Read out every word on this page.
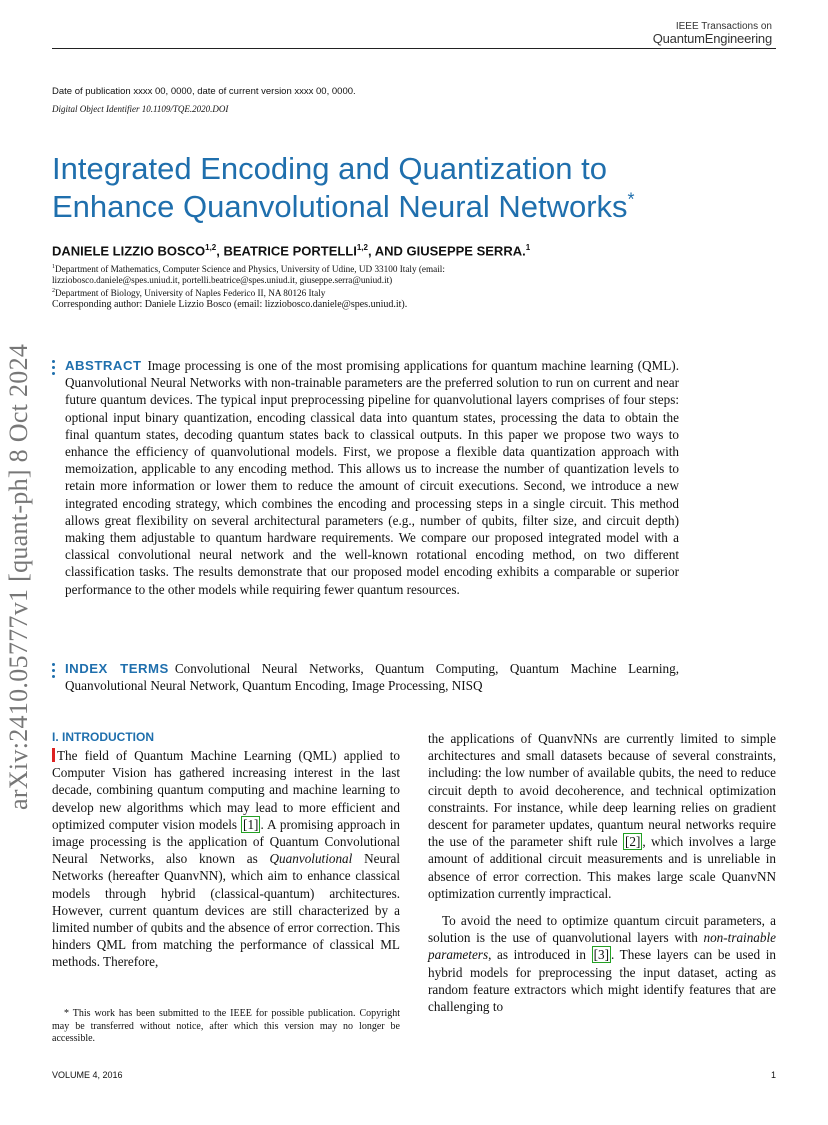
IEEE Transactions on
QuantumEngineering
Date of publication xxxx 00, 0000, date of current version xxxx 00, 0000.
Digital Object Identifier 10.1109/TQE.2020.DOI
Integrated Encoding and Quantization to
Enhance Quanvolutional Neural Networks*
DANIELE LIZZIO BOSCO$^{1,2}$, BEATRICE PORTELLI$^{1,2}$, AND GIUSEPPE SERRA.$^1$
$^1$Department of Mathematics, Computer Science and Physics, University of Udine, UD 33100 Italy (email:
lizziobosco.daniele@spes.uniud.it, portelli.beatrice@spes.uniud.it, giuseppe.serra@uniud.it)
$^2$Department of Biology, University of Naples Federico II, NA 80126 Italy
Corresponding author: Daniele Lizzio Bosco (email: lizziobosco.daniele@spes.uniud.it).
arXiv:2410.05777v1 [quant-ph] 8 Oct 2024 ABSTRACT Image processing is one of the most promising applications for quantum machine learning (QML). Quanvolutional Neural Networks with non-trainable parameters are the preferred solution to run on current and near future quantum devices. The typical input preprocessing pipeline for quanvolutional layers comprises of four steps: optional input binary quantization, encoding classical data into quantum states, processing the data to obtain the final quantum states, decoding quantum states back to classical outputs. In this paper we propose two ways to enhance the efficiency of quanvolutional models. First, we propose a flexible data quantization approach with memoization, applicable to any encoding method. This allows us to increase the number of quantization levels to retain more information or lower them to reduce the amount of circuit executions. Second, we introduce a new integrated encoding strategy, which combines the encoding and processing steps in a single circuit. This method allows great flexibility on several architectural parameters (e.g., number of qubits, filter size, and circuit depth) making them adjustable to quantum hardware requirements. We compare our proposed integrated model with a classical convolutional neural network and the well-known rotational encoding method, on two different classification tasks. The results demonstrate that our proposed model encoding exhibits a comparable or superior performance to the other models while requiring fewer quantum resources.
INDEX TERMS Convolutional Neural Networks, Quantum Computing, Quantum Machine Learning, Quanvolutional Neural Network, Quantum Encoding, Image Processing, NISQ
I. INTRODUCTION

The field of Quantum Machine Learning (QML) applied to Computer Vision has gathered increasing interest in the last decade, combining quantum computing and machine learning to develop new algorithms which may lead to more efficient and optimized computer vision models [1] . A promising approach in image processing is the application of Quantum Convolutional Neural Networks, also known as Quanvolutional Neural Networks (hereafter QuanvNN), which aim to enhance classical models through hybrid (classical-quantum) architectures. However, current quantum devices are still characterized by a limited number of qubits and the absence of error correction. This hinders QML from matching the performance of classical ML methods. Therefore,

the applications of QuanvNNs are currently limited to simple architectures and small datasets because of several constraints, including: the low number of available qubits, the need to reduce circuit depth to avoid decoherence, and technical optimization constraints. For instance, while deep learning relies on gradient descent for parameter updates, quantum neural networks require the use of the parameter shift rule [2] , which involves a large amount of additional circuit measurements and is unreliable in absence of error correction. This makes large scale QuanvNN optimization currently impractical.

To avoid the need to optimize quantum circuit parameters, a solution is the use of quanvolutional layers with non-trainable parameters, as introduced in [3] . These layers can be used in hybrid models for preprocessing the input dataset, acting as random feature extractors which might identify features that are challenging to

* This work has been submitted to the IEEE for possible publication. Copyright may be transferred without notice, after which this version may no longer be accessible.
VOLUME 4, 2016	1
